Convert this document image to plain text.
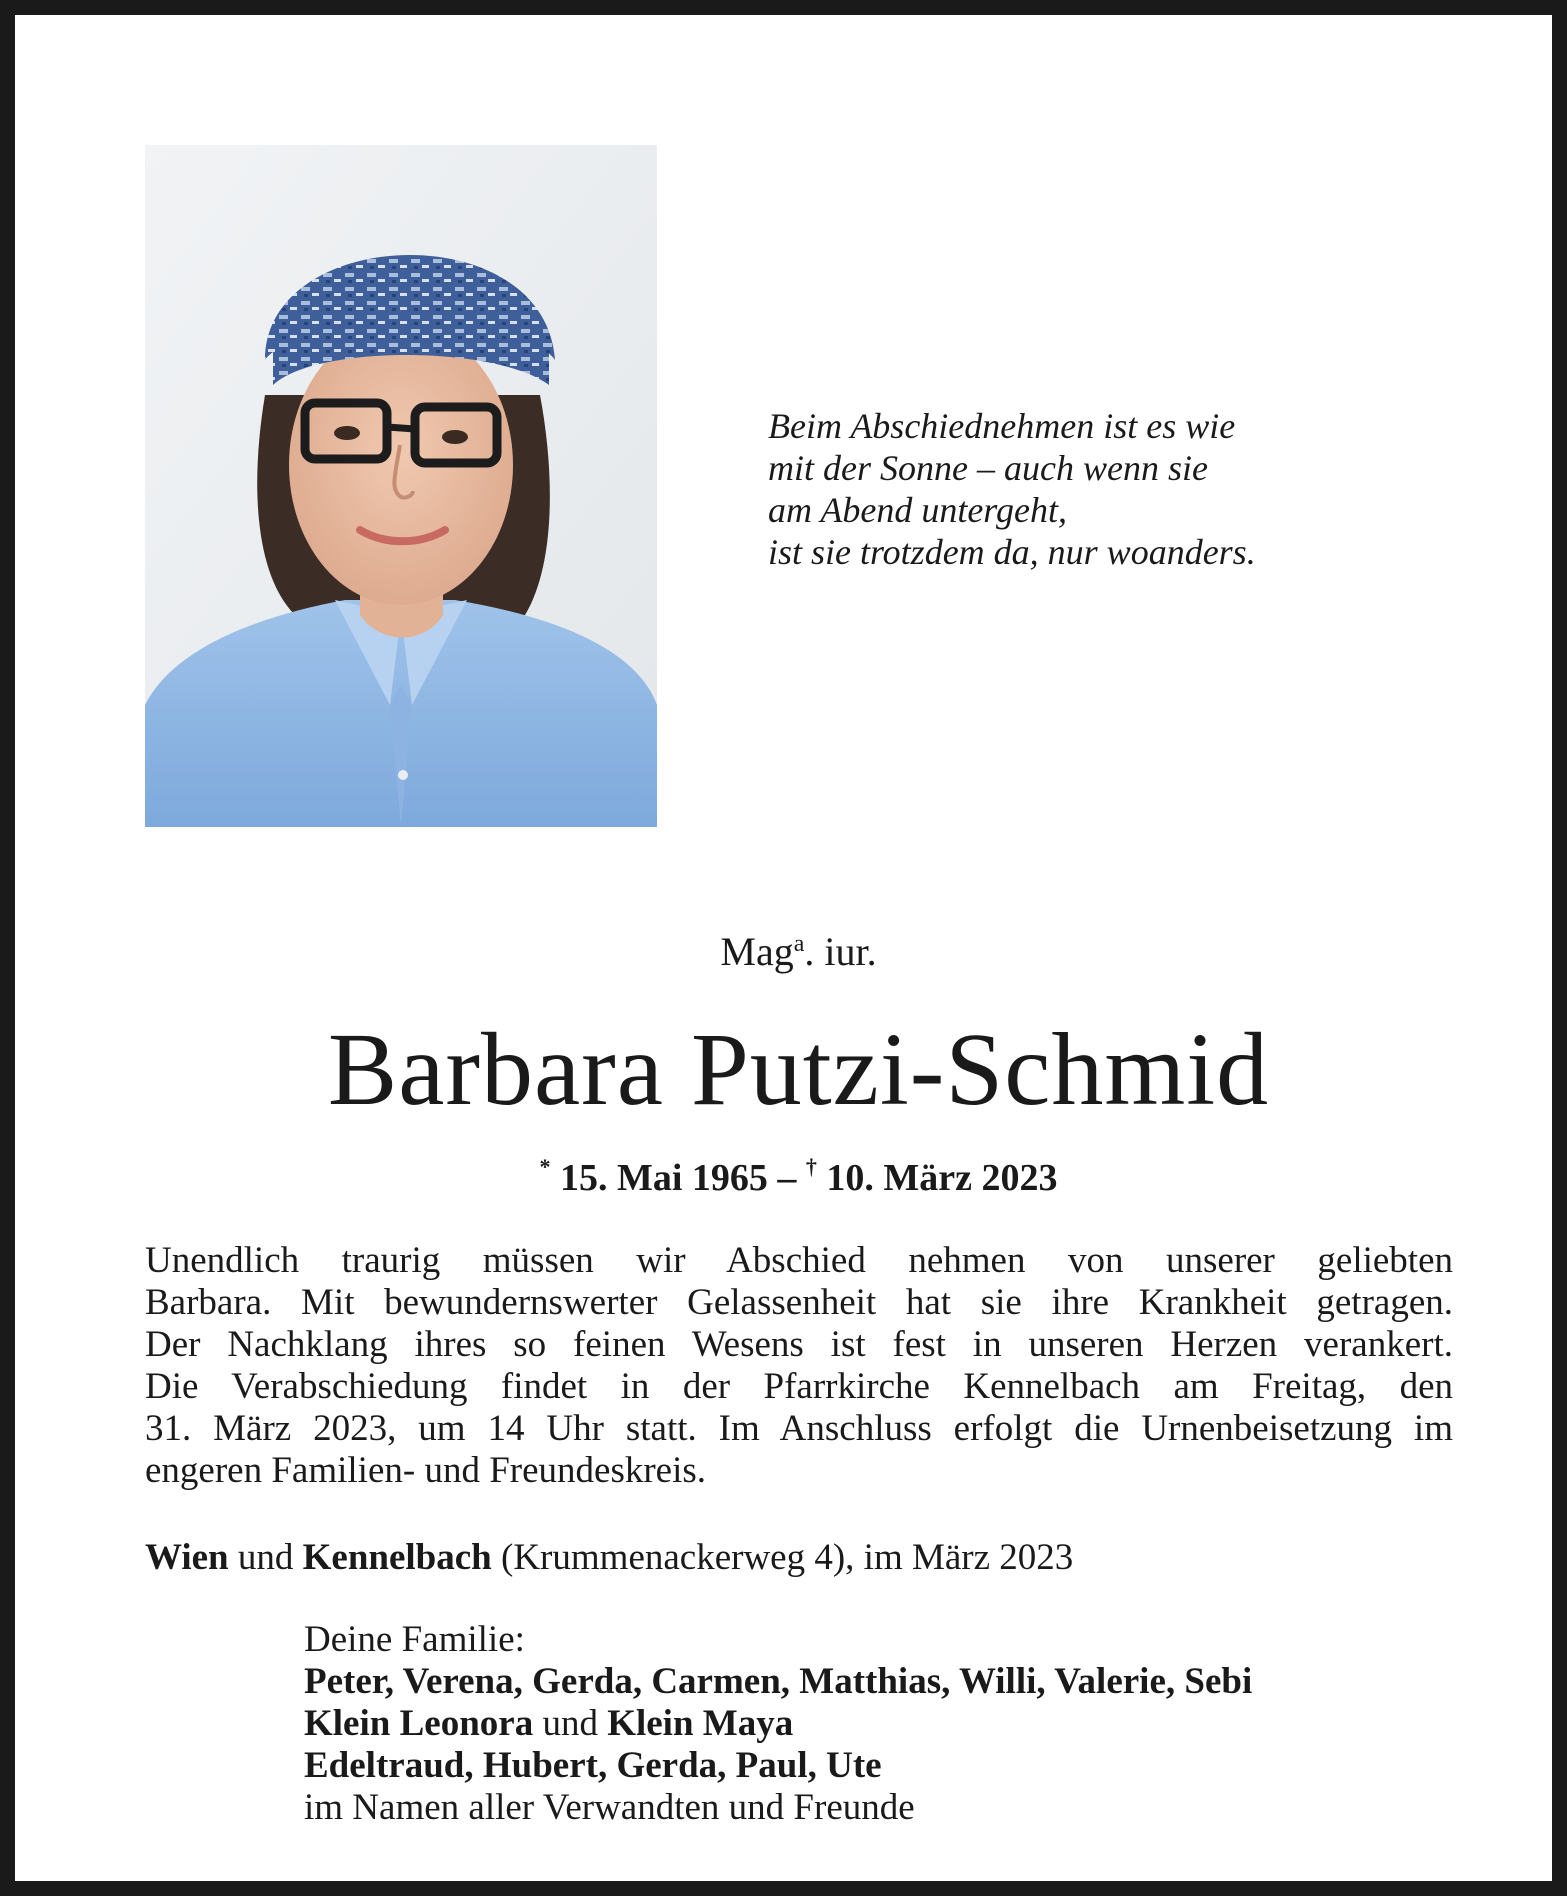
Beim Abschiednehmen ist es wie
mit der Sonne – auch wenn sie
am Abend untergeht,
ist sie trotzdem da, nur woanders.
Mag$^a$. iur.
Barbara Putzi-Schmid
* 15. Mai 1965 – † 10. März 2023
Unendlich traurig müssen wir Abschied nehmen von unserer geliebten
Barbara. Mit bewundernswerter Gelassenheit hat sie ihre Krankheit getragen.
Der Nachklang ihres so feinen Wesens ist fest in unseren Herzen verankert.
Die Verabschiedung findet in der Pfarrkirche Kennelbach am Freitag, den
31. März 2023, um 14 Uhr statt. Im Anschluss erfolgt die Urnenbeisetzung im
engeren Familien- und Freundeskreis.
Wien und Kennelbach (Krummenackerweg 4), im März 2023
Deine Familie:
Peter, Verena, Gerda, Carmen, Matthias, Willi, Valerie, Sebi
Klein Leonora und Klein Maya
Edeltraud, Hubert, Gerda, Paul, Ute
im Namen aller Verwandten und Freunde
